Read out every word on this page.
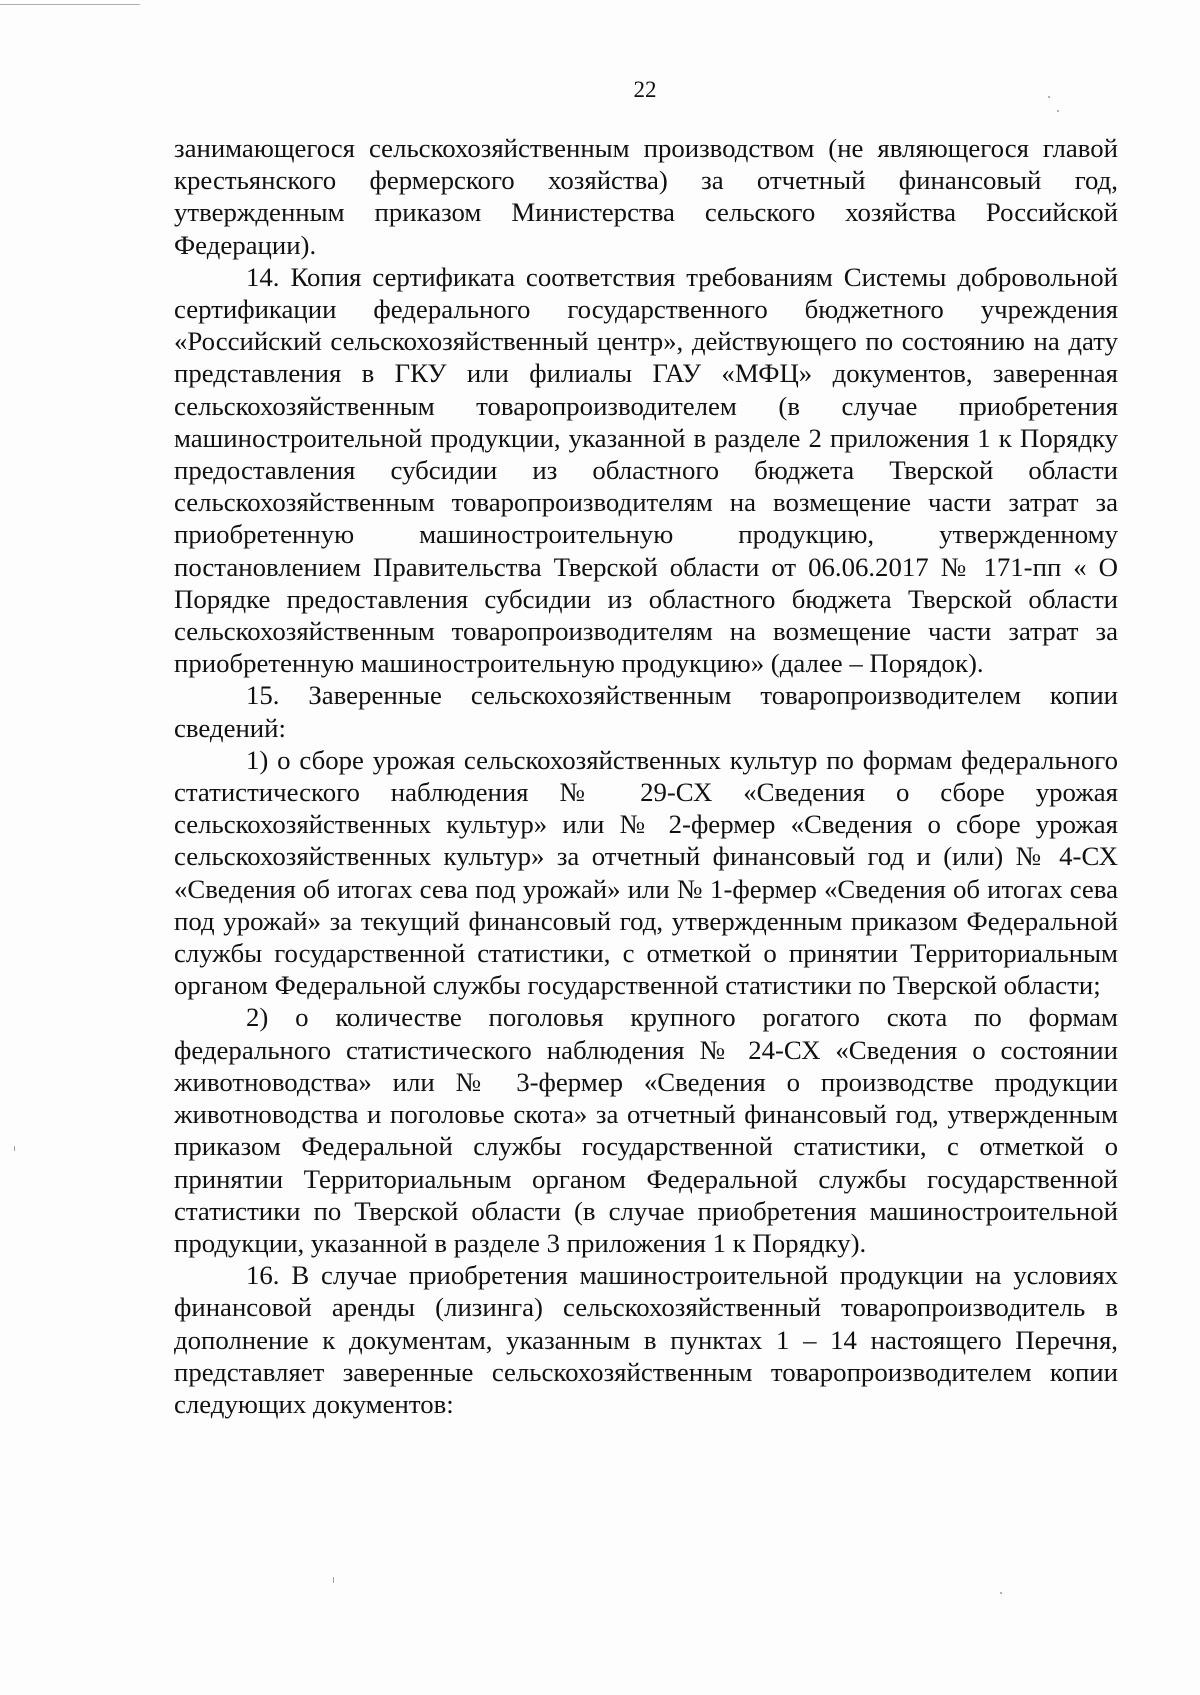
22

занимающегося сельскохозяйственным производством (не являющегося главой крестьянского фермерского хозяйства) за отчетный финансовый год, утвержденным приказом Министерства сельского хозяйства Российской Федерации).

14. Копия сертификата соответствия требованиям Системы добровольной сертификации федерального государственного бюджетного учреждения «Российский сельскохозяйственный центр», действующего по состоянию на дату представления в ГКУ или филиалы ГАУ «МФЦ» документов, заверенная сельскохозяйственным товаропроизводителем (в случае приобретения машиностроительной продукции, указанной в разделе 2 приложения 1 к Порядку предоставления субсидии из областного бюджета Тверской области сельскохозяйственным товаропроизводителям на возмещение части затрат за приобретенную машиностроительную продукцию, утвержденному постановлением Правительства Тверской области от 06.06.2017 № 171-пп « О Порядке предоставления субсидии из областного бюджета Тверской области сельскохозяйственным товаропроизводителям на возмещение части затрат за приобретенную машиностроительную продукцию» (далее – Порядок).

15. Заверенные сельскохозяйственным товаропроизводителем копии сведений:

1) о сборе урожая сельскохозяйственных культур по формам федерального статистического наблюдения № 29-СХ «Сведения о сборе урожая сельскохозяйственных культур» или № 2-фермер «Сведения о сборе урожая сельскохозяйственных культур» за отчетный финансовый год и (или) № 4-СХ «Сведения об итогах сева под урожай» или № 1-фермер «Сведения об итогах сева под урожай» за текущий финансовый год, утвержденным приказом Федеральной службы государственной статистики, с отметкой о принятии Территориальным органом Федеральной службы государственной статистики по Тверской области;

2) о количестве поголовья крупного рогатого скота по формам федерального статистического наблюдения № 24-СХ «Сведения о состоянии животноводства» или № 3-фермер «Сведения о производстве продукции животноводства и поголовье скота» за отчетный финансовый год, утвержденным приказом Федеральной службы государственной статистики, с отметкой о принятии Территориальным органом Федеральной службы государственной статистики по Тверской области (в случае приобретения машиностроительной продукции, указанной в разделе 3 приложения 1 к Порядку).

16. В случае приобретения машиностроительной продукции на условиях финансовой аренды (лизинга) сельскохозяйственный товаропроизводитель в дополнение к документам, указанным в пунктах 1 – 14 настоящего Перечня, представляет заверенные сельскохозяйственным товаропроизводителем копии следующих документов:
